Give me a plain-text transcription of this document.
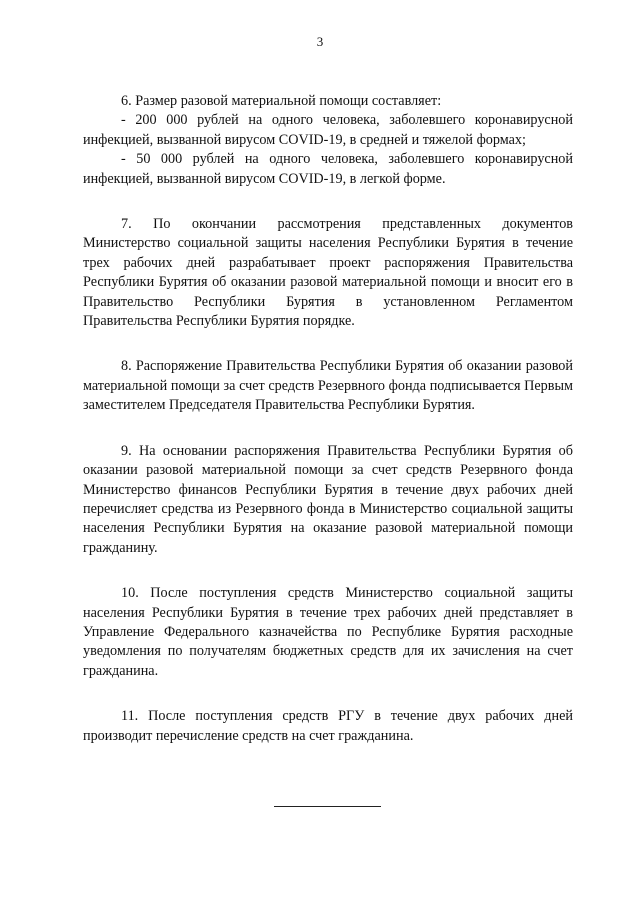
3

6. Размер разовой материальной помощи составляет:

- 200 000 рублей на одного человека, заболевшего коронавирусной инфекцией, вызванной вирусом COVID-19, в средней и тяжелой формах;

- 50 000 рублей на одного человека, заболевшего коронавирусной инфекцией, вызванной вирусом COVID-19, в легкой форме.

7. По окончании рассмотрения представленных документов Министерство социальной защиты населения Республики Бурятия в течение трех рабочих дней разрабатывает проект распоряжения Правительства Республики Бурятия об оказании разовой материальной помощи и вносит его в Правительство Республики Бурятия в установленном Регламентом Правительства Республики Бурятия порядке.

8. Распоряжение Правительства Республики Бурятия об оказании разовой материальной помощи за счет средств Резервного фонда подписывается Первым заместителем Председателя Правительства Республики Бурятия.

9. На основании распоряжения Правительства Республики Бурятия об оказании разовой материальной помощи за счет средств Резервного фонда Министерство финансов Республики Бурятия в течение двух рабочих дней перечисляет средства из Резервного фонда в Министерство социальной защиты населения Республики Бурятия на оказание разовой материальной помощи гражданину.

10. После поступления средств Министерство социальной защиты населения Республики Бурятия в течение трех рабочих дней представляет в Управление Федерального казначейства по Республике Бурятия расходные уведомления по получателям бюджетных средств для их зачисления на счет гражданина.

11. После поступления средств РГУ в течение двух рабочих дней производит перечисление средств на счет гражданина.
